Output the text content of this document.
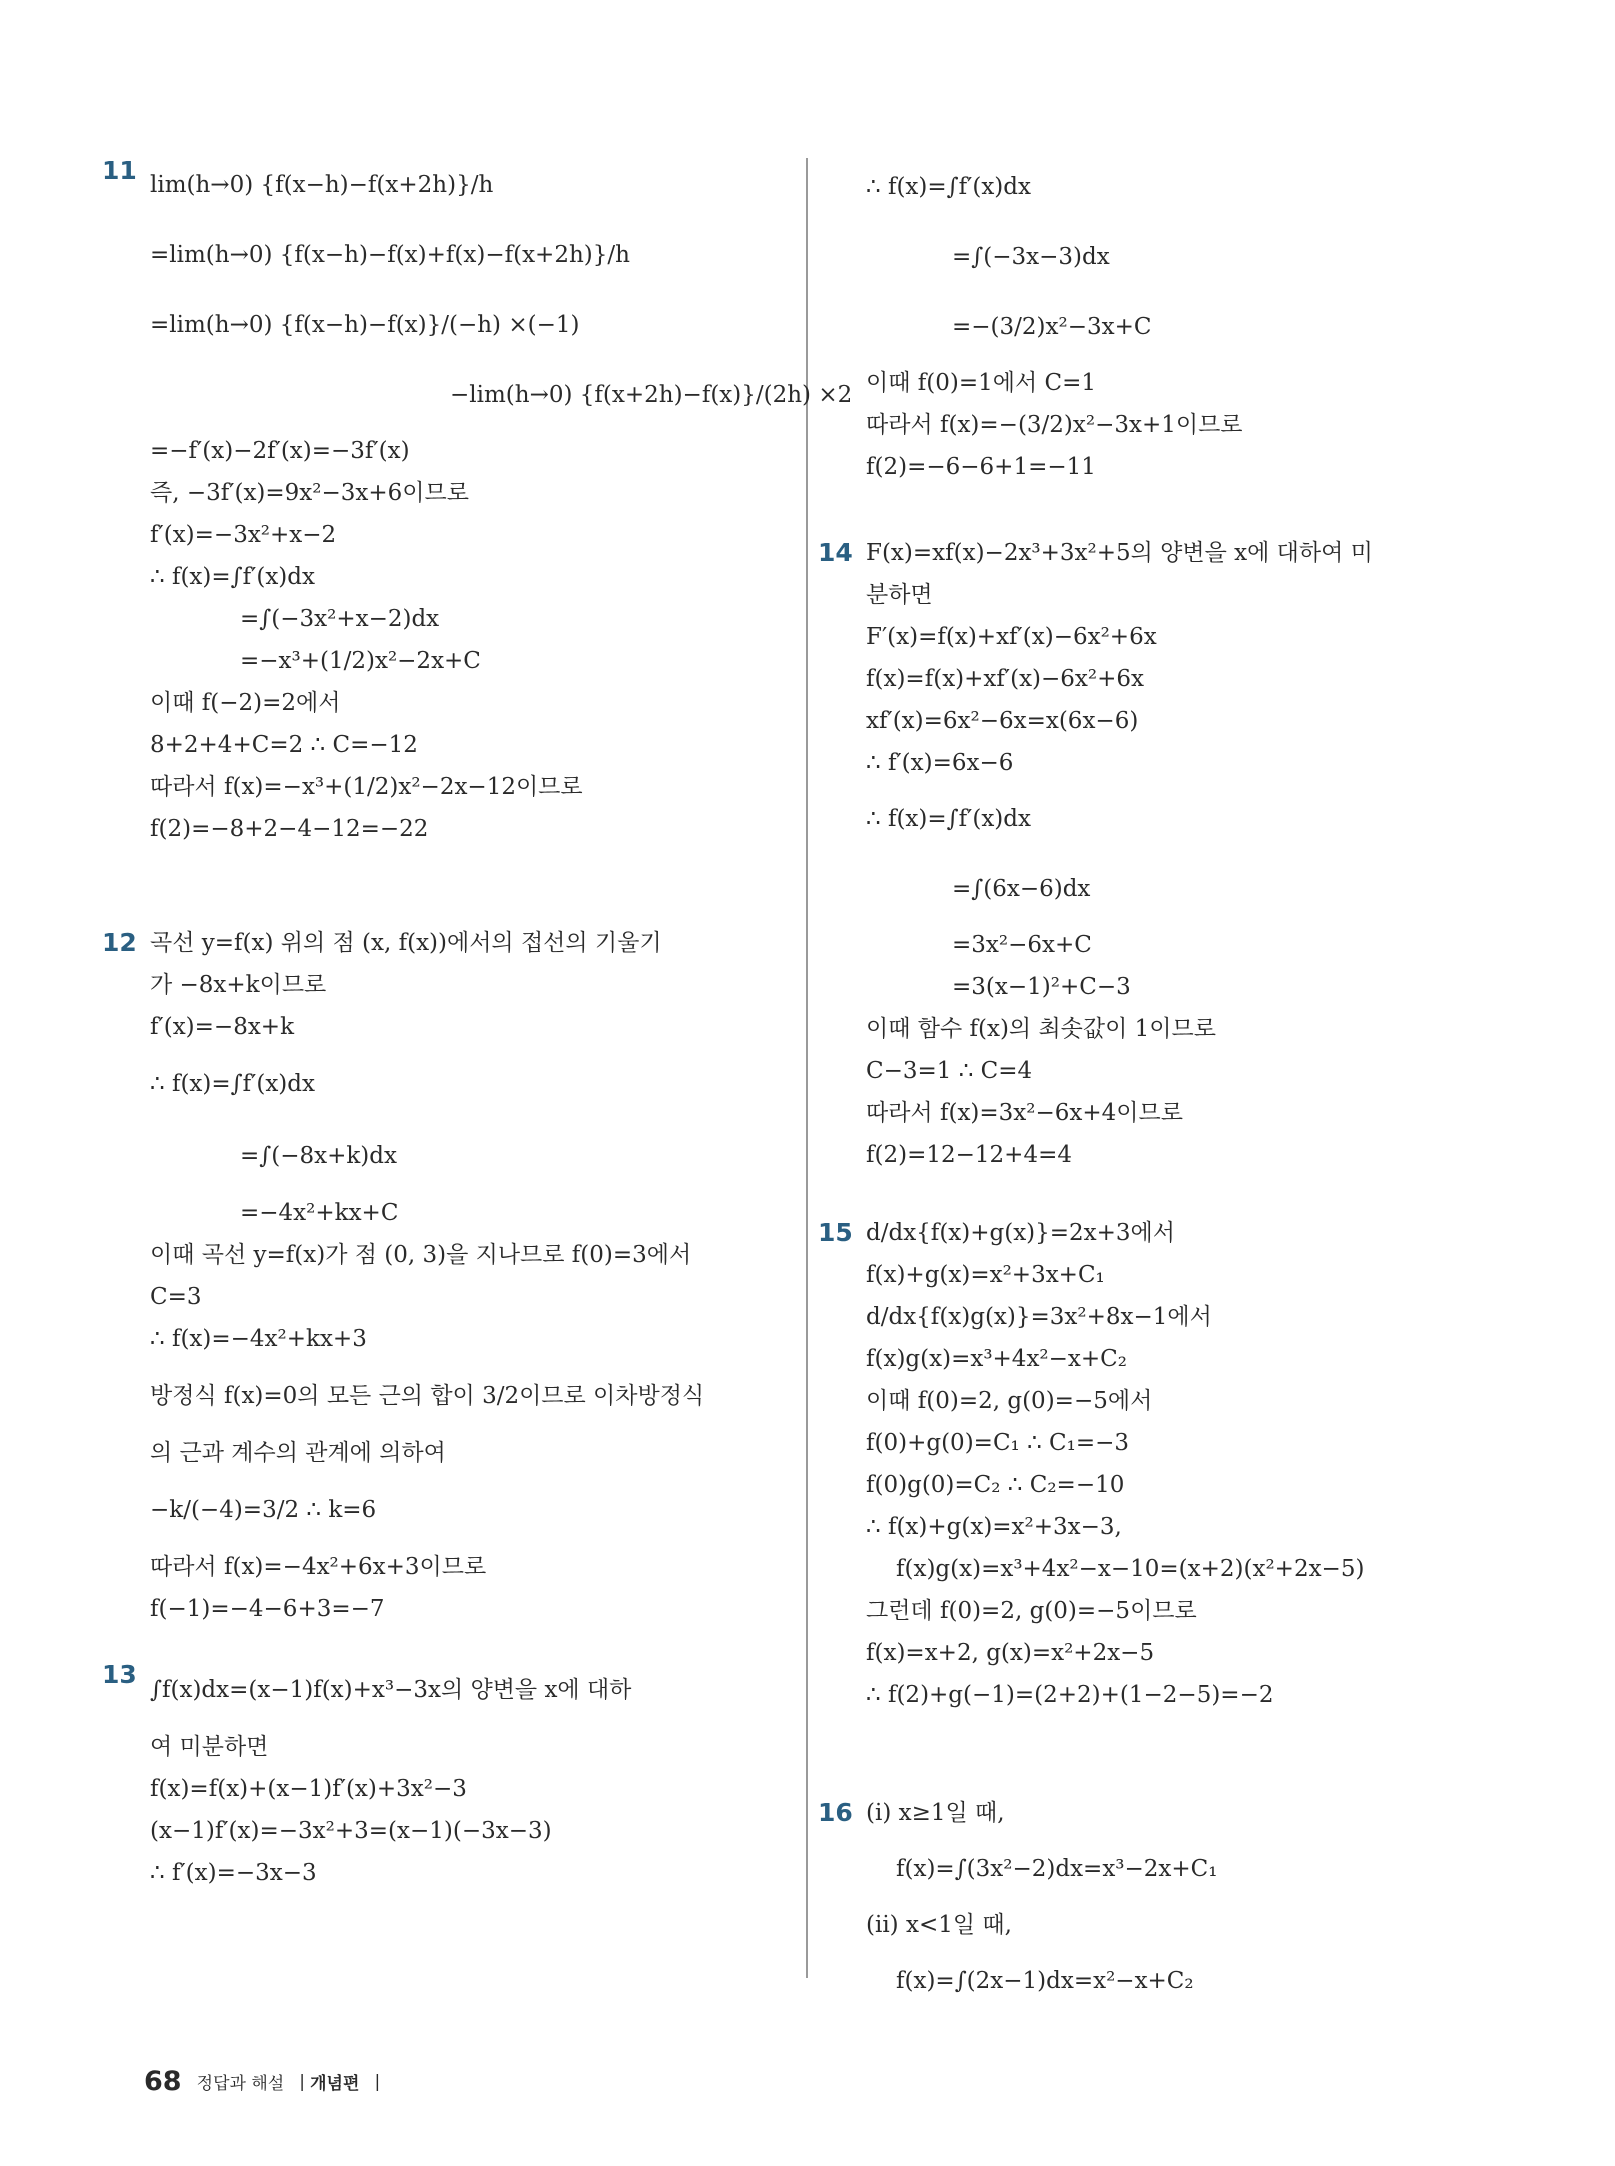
11 lim(h→0) {f(x−h)−f(x+2h)}/h
=lim(h→0) {f(x−h)−f(x)+f(x)−f(x+2h)}/h
=lim(h→0) {f(x−h)−f(x)}/(−h) ×(−1)
−lim(h→0) {f(x+2h)−f(x)}/(2h) ×2
=−f′(x)−2f′(x)=−3f′(x)
즉, −3f′(x)=9x²−3x+6이므로
f′(x)=−3x²+x−2
∴ f(x)=∫f′(x)dx
=∫(−3x²+x−2)dx
=−x³+(1/2)x²−2x+C
이때 f(−2)=2에서
8+2+4+C=2 ∴ C=−12
따라서 f(x)=−x³+(1/2)x²−2x−12이므로
f(2)=−8+2−4−12=−22
12 곡선 y=f(x) 위의 점 (x, f(x))에서의 접선의 기울기
가 −8x+k이므로
f′(x)=−8x+k
∴ f(x)=∫f′(x)dx
=∫(−8x+k)dx
=−4x²+kx+C
이때 곡선 y=f(x)가 점 (0, 3)을 지나므로 f(0)=3에서
C=3
∴ f(x)=−4x²+kx+3
방정식 f(x)=0의 모든 근의 합이 3/2이므로 이차방정식
의 근과 계수의 관계에 의하여
−k/(−4)=3/2 ∴ k=6
따라서 f(x)=−4x²+6x+3이므로
f(−1)=−4−6+3=−7
13
∫f(x)dx=(x−1)f(x)+x³−3x의 양변을 x에 대하
여 미분하면
f(x)=f(x)+(x−1)f′(x)+3x²−3
(x−1)f′(x)=−3x²+3=(x−1)(−3x−3)
∴ f′(x)=−3x−3
∴ f(x)=∫f′(x)dx
=∫(−3x−3)dx
=−(3/2)x²−3x+C
이때 f(0)=1에서 C=1
따라서 f(x)=−(3/2)x²−3x+1이므로
f(2)=−6−6+1=−11
14 F(x)=xf(x)−2x³+3x²+5의 양변을 x에 대하여 미
분하면
F′(x)=f(x)+xf′(x)−6x²+6x
f(x)=f(x)+xf′(x)−6x²+6x
xf′(x)=6x²−6x=x(6x−6)
∴ f′(x)=6x−6
∴ f(x)=∫f′(x)dx
=∫(6x−6)dx
=3x²−6x+C
=3(x−1)²+C−3
이때 함수 f(x)의 최솟값이 1이므로
C−3=1 ∴ C=4
따라서 f(x)=3x²−6x+4이므로
f(2)=12−12+4=4
15 d/dx{f(x)+g(x)}=2x+3에서
f(x)+g(x)=x²+3x+C₁
d/dx{f(x)g(x)}=3x²+8x−1에서
f(x)g(x)=x³+4x²−x+C₂
이때 f(0)=2, g(0)=−5에서
f(0)+g(0)=C₁ ∴ C₁=−3
f(0)g(0)=C₂ ∴ C₂=−10
∴ f(x)+g(x)=x²+3x−3,
f(x)g(x)=x³+4x²−x−10=(x+2)(x²+2x−5)
그런데 f(0)=2, g(0)=−5이므로
f(x)=x+2, g(x)=x²+2x−5
∴ f(2)+g(−1)=(2+2)+(1−2−5)=−2
16 (i) x≥1일 때,
f(x)=∫(3x²−2)dx=x³−2x+C₁
(ii) x<1일 때,
f(x)=∫(2x−1)dx=x²−x+C₂
68 정답과 해설 | 개념편 |
